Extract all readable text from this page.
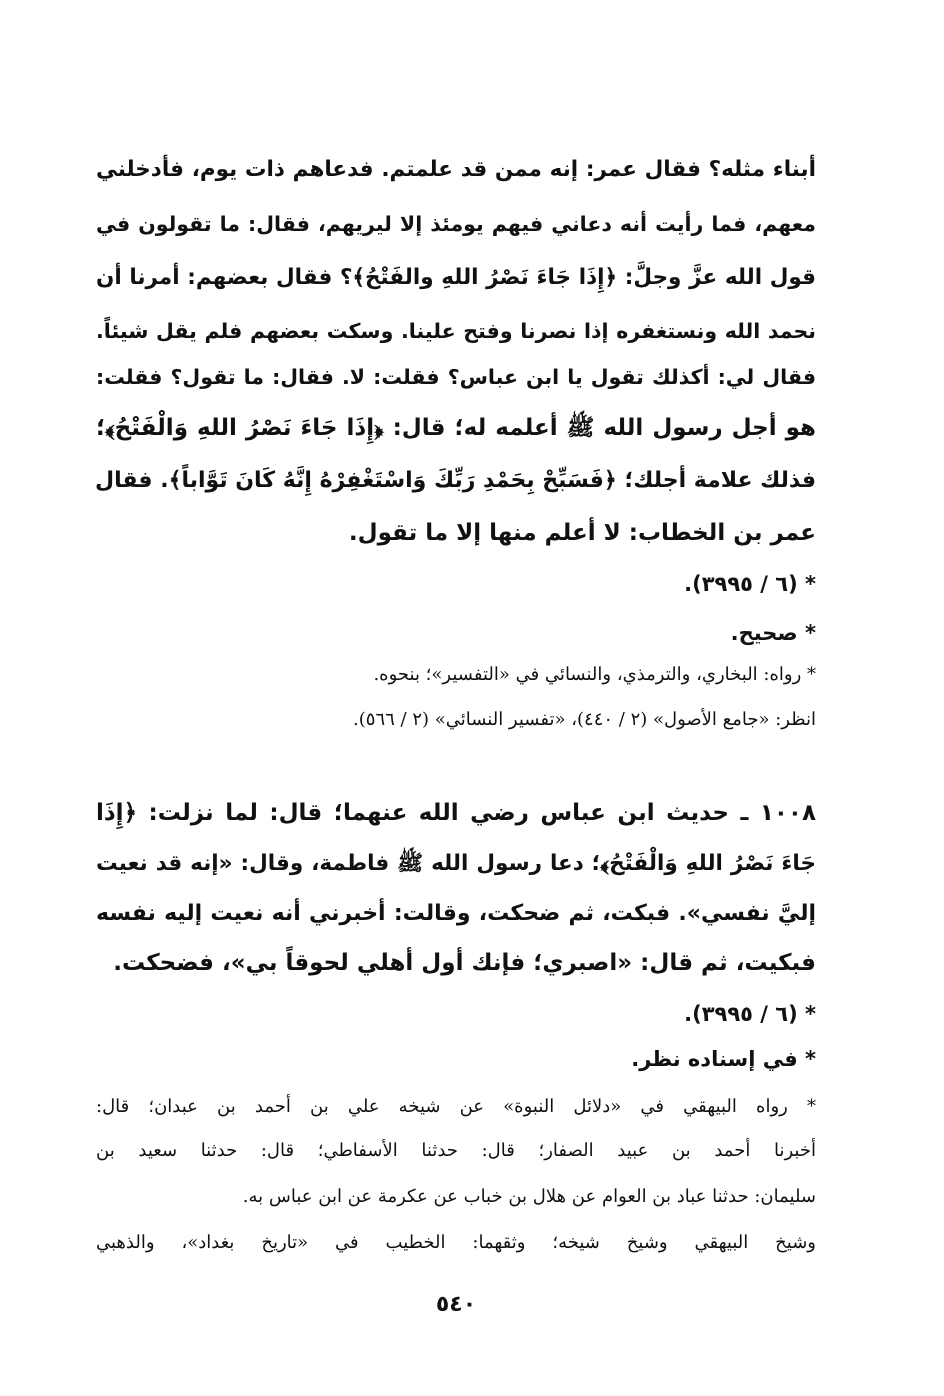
أبناء مثله؟ فقال عمر: إنه ممن قد علمتم. فدعاهم ذات يوم، فأدخلني
معهم، فما رأيت أنه دعاني فيهم يومئذ إلا ليريهم، فقال: ما تقولون في
قول الله عزَّ وجلَّ: ﴿إِذَا جَاءَ نَصْرُ اللهِ والفَتْحُ﴾؟ فقال بعضهم: أمرنا أن
نحمد الله ونستغفره إذا نصرنا وفتح علينا. وسكت بعضهم فلم يقل شيئاً.
فقال لي: أكذلك تقول يا ابن عباس؟ فقلت: لا. فقال: ما تقول؟ فقلت:
هو أجل رسول الله ﷺ أعلمه له؛ قال: ﴿إِذَا جَاءَ نَصْرُ اللهِ وَالْفَتْحُ﴾؛
فذلك علامة أجلك؛ ﴿فَسَبِّحْ بِحَمْدِ رَبِّكَ وَاسْتَغْفِرْهُ إِنَّهُ كَانَ تَوَّاباً﴾. فقال
عمر بن الخطاب: لا أعلم منها إلا ما تقول.
* (٦ / ٣٩٩٥).
* صحيح.
* رواه: البخاري، والترمذي، والنسائي في «التفسير»؛ بنحوه.
انظر: «جامع الأصول» (٢ / ٤٤٠)، «تفسير النسائي» (٢ / ٥٦٦).
١٠٠٨ ـ حديث ابن عباس رضي الله عنهما؛ قال: لما نزلت: ﴿إِذَا
جَاءَ نَصْرُ اللهِ وَالْفَتْحُ﴾؛ دعا رسول الله ﷺ فاطمة، وقال: «إنه قد نعيت
إليَّ نفسي». فبكت، ثم ضحكت، وقالت: أخبرني أنه نعيت إليه نفسه
فبكيت، ثم قال: «اصبري؛ فإنك أول أهلي لحوقاً بي»، فضحكت.
* (٦ / ٣٩٩٥).
* في إسناده نظر.
* رواه البيهقي في «دلائل النبوة» عن شيخه علي بن أحمد بن عبدان؛ قال:
أخبرنا أحمد بن عبيد الصفار؛ قال: حدثنا الأسفاطي؛ قال: حدثنا سعيد بن
سليمان: حدثنا عباد بن العوام عن هلال بن خباب عن عكرمة عن ابن عباس به.
وشيخ البيهقي وشيخ شيخه؛ وثقهما: الخطيب في «تاريخ بغداد»، والذهبي
٥٤٠
